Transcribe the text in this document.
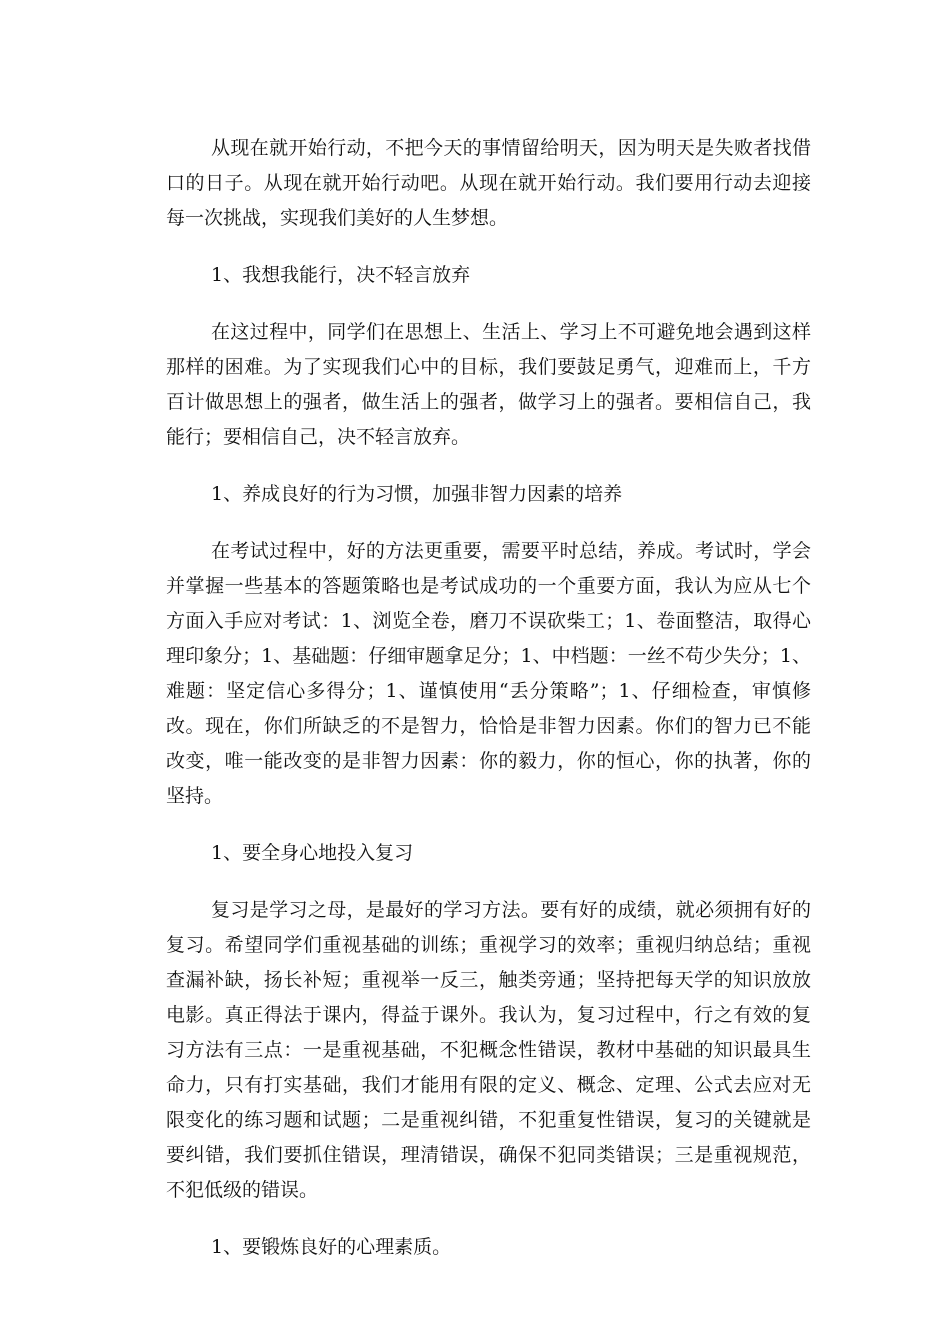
从现在就开始行动，不把今天的事情留给明天，因为明天是失败者找借口的日子。从现在就开始行动吧。从现在就开始行动。我们要用行动去迎接每一次挑战，实现我们美好的人生梦想。

1、我想我能行，决不轻言放弃

在这过程中，同学们在思想上、生活上、学习上不可避免地会遇到这样那样的困难。为了实现我们心中的目标，我们要鼓足勇气，迎难而上，千方百计做思想上的强者，做生活上的强者，做学习上的强者。要相信自己，我能行；要相信自己，决不轻言放弃。

1、养成良好的行为习惯，加强非智力因素的培养

在考试过程中，好的方法更重要，需要平时总结，养成。考试时，学会并掌握一些基本的答题策略也是考试成功的一个重要方面，我认为应从七个方面入手应对考试：1、浏览全卷，磨刀不误砍柴工；1、卷面整洁，取得心理印象分；1、基础题：仔细审题拿足分；1、中档题：一丝不苟少失分；1、难题：坚定信心多得分；1、谨慎使用“丢分策略”；1、仔细检查，审慎修改。现在，你们所缺乏的不是智力，恰恰是非智力因素。你们的智力已不能改变，唯一能改变的是非智力因素：你的毅力，你的恒心，你的执著，你的坚持。

1、要全身心地投入复习

复习是学习之母，是最好的学习方法。要有好的成绩，就必须拥有好的复习。希望同学们重视基础的训练；重视学习的效率；重视归纳总结；重视查漏补缺，扬长补短；重视举一反三，触类旁通；坚持把每天学的知识放放电影。真正得法于课内，得益于课外。我认为，复习过程中，行之有效的复习方法有三点：一是重视基础，不犯概念性错误，教材中基础的知识最具生命力，只有打实基础，我们才能用有限的定义、概念、定理、公式去应对无限变化的练习题和试题；二是重视纠错，不犯重复性错误，复习的关键就是要纠错，我们要抓住错误，理清错误，确保不犯同类错误；三是重视规范，不犯低级的错误。

1、要锻炼良好的心理素质。
